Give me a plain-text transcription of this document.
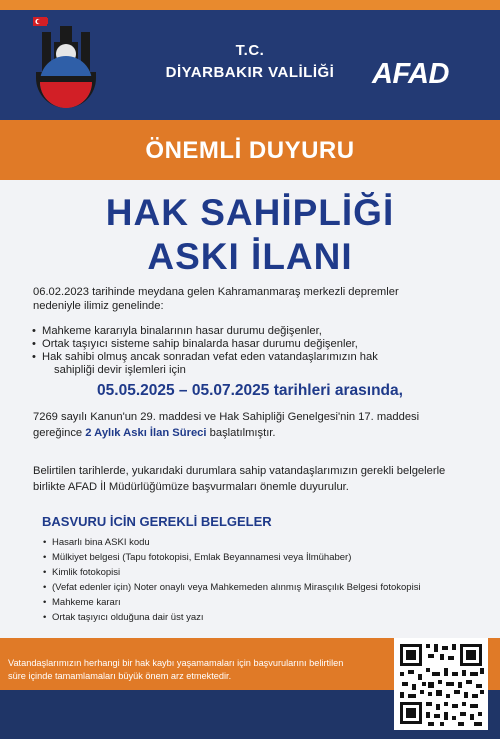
T.C.
DİYARBAKIR VALİLİĞİ	AFAD
ÖNEMLİ DUYURU
HAK SAHİPLİĞİ
ASKI İLANI
06.02.2023 tarihinde meydana gelen Kahramanmaraş merkezli depremler
nedeniyle ilimiz genelinde:
• Mahkeme kararıyla binalarının hasar durumu değişenler,
• Ortak taşıyıcı sisteme sahip binalarda hasar durumu değişenler,
• Hak sahibi olmuş ancak sonradan vefat eden vatandaşlarımızın hak
sahipliği devir işlemleri için
05.05.2025 – 05.07.2025 tarihleri arasında,
7269 sayılı Kanun'un 29. maddesi ve Hak Sahipliği Genelgesi'nin 17. maddesi
gereğince 2 Aylık Askı İlan Süreci başlatılmıştır.
Belirtilen tarihlerde, yukarıdaki durumlara sahip vatandaşlarımızın gerekli belgelerle
birlikte AFAD İl Müdürlüğümüze başvurmaları önemle duyurulur.
BASVURU İCİN GEREKLİ BELGELER
• Hasarlı bina ASKI kodu
• Mülkiyet belgesi (Tapu fotokopisi, Emlak Beyannamesi veya İlmühaber)
• Kimlik fotokopisi
• (Vefat edenler için) Noter onaylı veya Mahkemeden alınmış Mirasçılık Belgesi fotokopisi
• Mahkeme kararı
• Ortak taşıyıcı olduğuna dair üst yazı
Vatandaşlarımızın herhangi bir hak kaybı yaşamamaları için başvurularını belirtilen
süre içinde tamamlamaları büyük önem arz etmektedir.
